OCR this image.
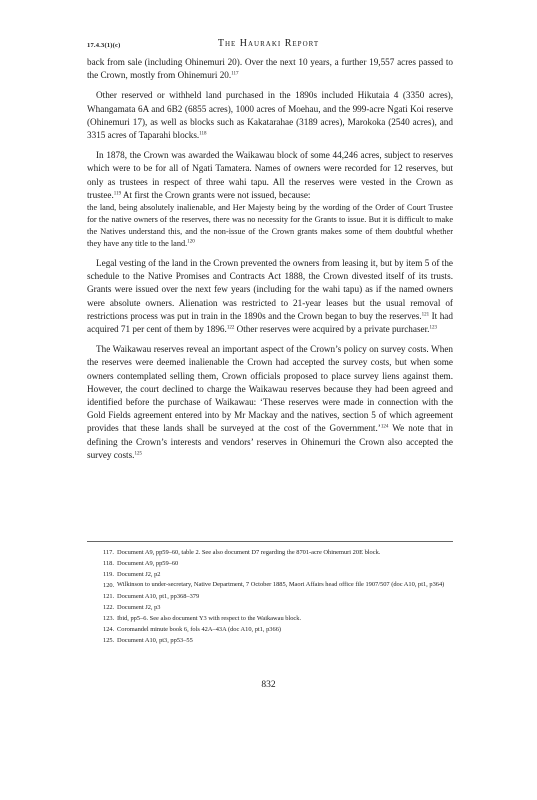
17.4.3(1)(c)	The Hauraki Report

back from sale (including Ohinemuri 20). Over the next 10 years, a further 19,557 acres passed to the Crown, mostly from Ohinemuri 20.$^{117}$

Other reserved or withheld land purchased in the 1890s included Hikutaia 4 (3350 acres), Whangamata 6A and 6B2 (6855 acres), 1000 acres of Moehau, and the 999-acre Ngati Koi reserve (Ohinemuri 17), as well as blocks such as Kakatarahae (3189 acres), Marokoka (2540 acres), and 3315 acres of Taparahi blocks.$^{118}$

In 1878, the Crown was awarded the Waikawau block of some 44,246 acres, subject to reserves which were to be for all of Ngati Tamatera. Names of owners were recorded for 12 reserves, but only as trustees in respect of three wahi tapu. All the reserves were vested in the Crown as trustee.$^{119}$ At first the Crown grants were not issued, because:

the land, being absolutely inalienable, and Her Majesty being by the wording of the Order of Court Trustee for the native owners of the reserves, there was no necessity for the Grants to issue. But it is difficult to make the Natives understand this, and the non-issue of the Crown grants makes some of them doubtful whether they have any title to the land.$^{120}$

Legal vesting of the land in the Crown prevented the owners from leasing it, but by item 5 of the schedule to the Native Promises and Contracts Act 1888, the Crown divested itself of its trusts. Grants were issued over the next few years (including for the wahi tapu) as if the named owners were absolute owners. Alienation was restricted to 21-year leases but the usual removal of restrictions process was put in train in the 1890s and the Crown began to buy the reserves.$^{121}$ It had acquired 71 per cent of them by 1896.$^{122}$ Other reserves were acquired by a private purchaser.$^{123}$

The Waikawau reserves reveal an important aspect of the Crown’s policy on survey costs. When the reserves were deemed inalienable the Crown had accepted the survey costs, but when some owners contemplated selling them, Crown officials proposed to place survey liens against them. However, the court declined to charge the Waikawau reserves because they had been agreed and identified before the purchase of Waikawau: ‘These reserves were made in connection with the Gold Fields agreement entered into by Mr Mackay and the natives, section 5 of which agreement provides that these lands shall be surveyed at the cost of the Government.’$^{124}$ We note that in defining the Crown’s interests and vendors’ reserves in Ohinemuri the Crown also accepted the survey costs.$^{125}$

117. Document A9, pp59–60, table 2. See also document D7 regarding the 8701-acre Ohinemuri 20E block.
118. Document A9, pp59–60
119. Document J2, p2
120. Wilkinson to under-secretary, Native Department, 7 October 1885, Maori Affairs head office file 1907/507 (doc A10, pt1, p364)
121. Document A10, pt1, pp368–379
122. Document J2, p3
123. Ibid, pp5–6. See also document Y3 with respect to the Waikawau block.
124. Coromandel minute book 6, fols 42A–43A (doc A10, pt1, p366)
125. Document A10, pt3, pp53–55
832
